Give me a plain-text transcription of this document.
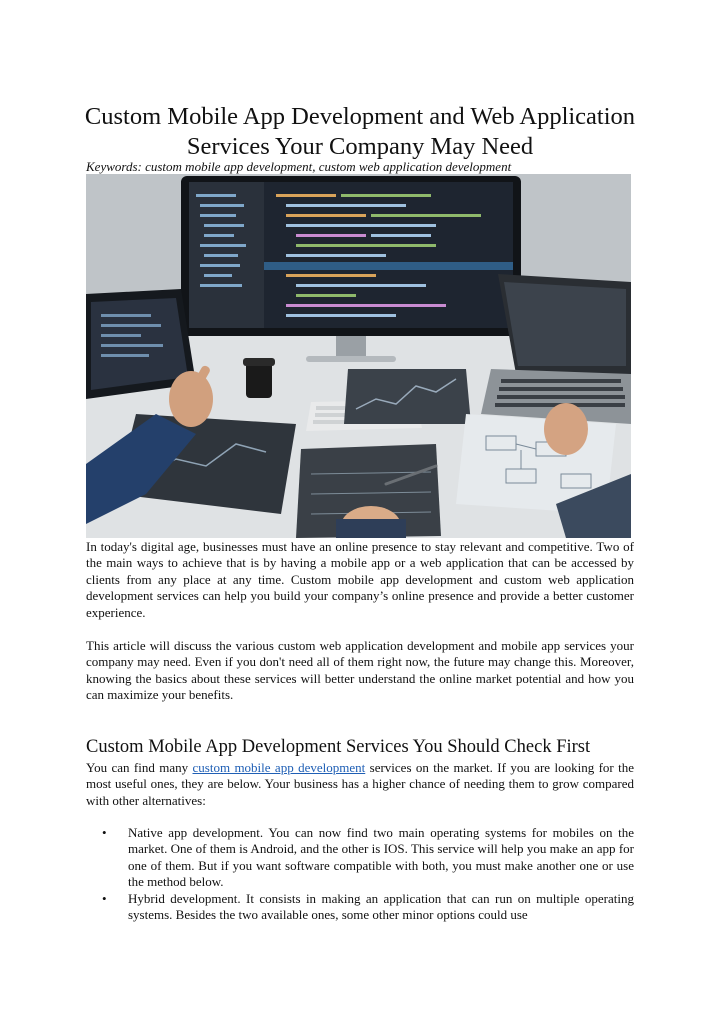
Custom Mobile App Development and Web Application Services Your Company May Need
Keywords: custom mobile app development, custom web application development

In today's digital age, businesses must have an online presence to stay relevant and competitive. Two of the main ways to achieve that is by having a mobile app or a web application that can be accessed by clients from any place at any time. Custom mobile app development and custom web application development services can help you build your company’s online presence and provide a better customer experience.

This article will discuss the various custom web application development and mobile app services your company may need. Even if you don't need all of them right now, the future may change this. Moreover, knowing the basics about these services will better understand the online market potential and how you can maximize your benefits.

Custom Mobile App Development Services You Should Check First

You can find many custom mobile app development services on the market. If you are looking for the most useful ones, they are below. Your business has a higher chance of needing them to grow compared with other alternatives:

• Native app development. You can now find two main operating systems for mobiles on the market. One of them is Android, and the other is IOS. This service will help you make an app for one of them. But if you want software compatible with both, you must make another one or use the method below.
• Hybrid development. It consists in making an application that can run on multiple operating systems. Besides the two available ones, some other minor options could use
